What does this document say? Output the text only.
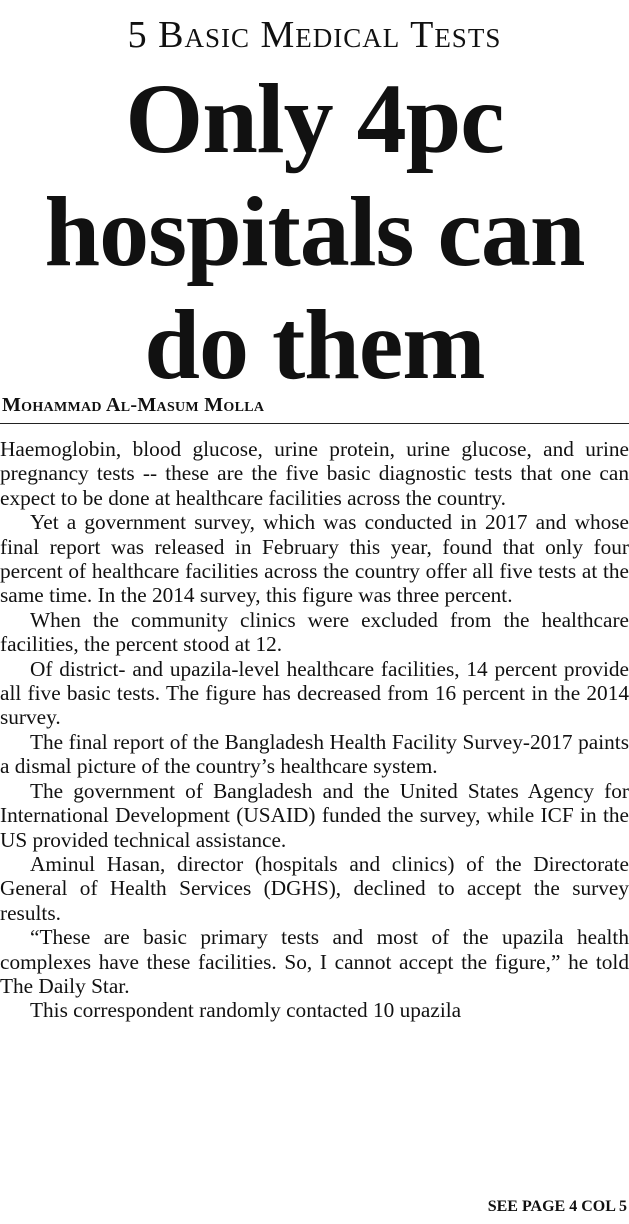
5 Basic Medical Tests
Only 4pc
hospitals can
do them
Mohammad Al-Masum Molla

Haemoglobin, blood glucose, urine protein, urine glucose, and urine pregnancy tests -- these are the five basic diagnostic tests that one can expect to be done at healthcare facilities across the country.

Yet a government survey, which was conducted in 2017 and whose final report was released in February this year, found that only four percent of healthcare facilities across the country offer all five tests at the same time. In the 2014 survey, this figure was three percent.

When the community clinics were excluded from the healthcare facilities, the percent stood at 12.

Of district- and upazila-level healthcare facilities, 14 percent provide all five basic tests. The figure has decreased from 16 percent in the 2014 survey.

The final report of the Bangladesh Health Facility Survey-2017 paints a dismal picture of the country’s healthcare system.

The government of Bangladesh and the United States Agency for International Development (USAID) funded the survey, while ICF in the US provided technical assistance.

Aminul Hasan, director (hospitals and clinics) of the Directorate General of Health Services (DGHS), declined to accept the survey results.

“These are basic primary tests and most of the upazila health complexes have these facilities. So, I cannot accept the figure,” he told The Daily Star.

This correspondent randomly contacted 10 upazila

SEE PAGE 4 COL 5
